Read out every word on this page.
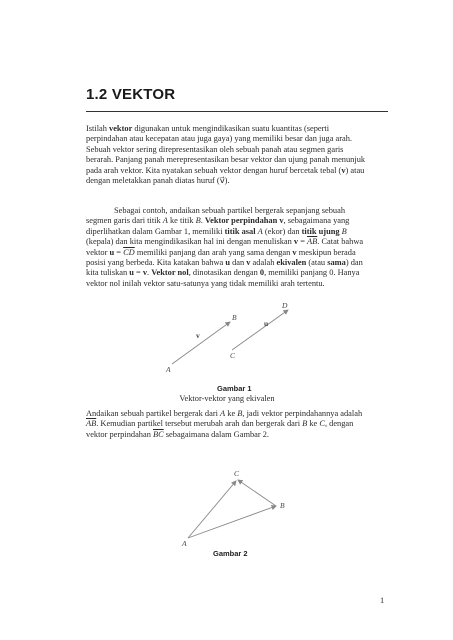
1.2 VEKTOR
Istilah vektor digunakan untuk mengindikasikan suatu kuantitas (seperti
perpindahan atau kecepatan atau juga gaya) yang memiliki besar dan juga arah.
Sebuah vektor sering direpresentasikan oleh sebuah panah atau segmen garis
berarah. Panjang panah merepresentasikan besar vektor dan ujung panah menunjuk
pada arah vektor. Kita nyatakan sebuah vektor dengan huruf bercetak tebal (v) atau
dengan meletakkan panah diatas huruf (v⃗).
Sebagai contoh, andaikan sebuah partikel bergerak sepanjang sebuah
segmen garis dari titik A ke titik B. Vektor perpindahan v, sebagaimana yang
diperlihatkan dalam Gambar 1, memiliki titik asal A (ekor) dan titik ujung B
(kepala) dan kita mengindikasikan hal ini dengan menuliskan $v = \overline{AB}$. Catat bahwa
vektor $u = \overline{CD}$ memiliki panjang dan arah yang sama dengan v meskipun berada
posisi yang berbeda. Kita katakan bahwa u dan v adalah ekivalen (atau sama) dan
kita tuliskan u = v. Vektor nol, dinotasikan dengan 0, memiliki panjang 0. Hanya
vektor nol inilah vektor satu-satunya yang tidak memiliki arah tertentu.
A
B
C
D
v
u
Gambar 1
Vektor-vektor yang ekivalen
Andaikan sebuah partikel bergerak dari A ke B, jadi vektor perpindahannya adalah
$\overline{AB}$. Kemudian partikel tersebut merubah arah dan bergerak dari B ke C, dengan
vektor perpindahan $\overline{BC}$ sebagaimana dalam Gambar 2.
A
B
C
Gambar 2
1
